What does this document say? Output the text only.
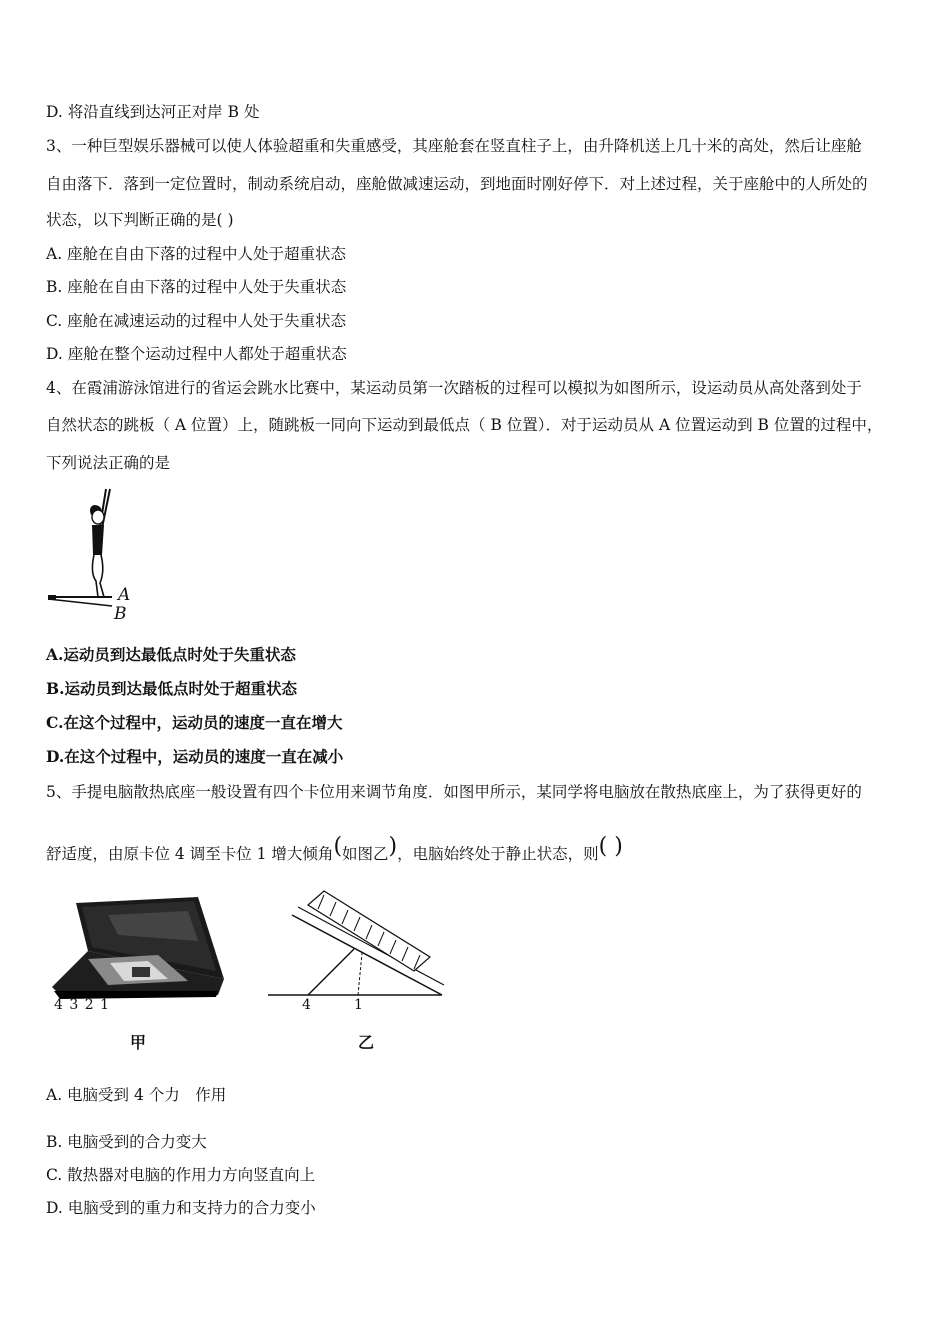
D. 将沿直线到达河正对岸 B 处
3、一种巨型娱乐器械可以使人体验超重和失重感受，其座舱套在竖直柱子上，由升降机送上几十米的高处，然后让座舱
自由落下．落到一定位置时，制动系统启动，座舱做减速运动，到地面时刚好停下．对上述过程，关于座舱中的人所处的
状态，以下判断正确的是( )
A. 座舱在自由下落的过程中人处于超重状态
B. 座舱在自由下落的过程中人处于失重状态
C. 座舱在减速运动的过程中人处于失重状态
D. 座舱在整个运动过程中人都处于超重状态
4、在霞浦游泳馆进行的省运会跳水比赛中，某运动员第一次踏板的过程可以模拟为如图所示，设运动员从高处落到处于
自然状态的跳板（ A 位置）上，随跳板一同向下运动到最低点（ B 位置）．对于运动员从 A 位置运动到 B 位置的过程中，
下列说法正确的是
A
B
A.运动员到达最低点时处于失重状态
B.运动员到达最低点时处于超重状态
C.在这个过程中，运动员的速度一直在增大
D.在这个过程中，运动员的速度一直在减小
5、手提电脑散热底座一般设置有四个卡位用来调节角度．如图甲所示，某同学将电脑放在散热底座上，为了获得更好的
舒适度，由原卡位 4 调至卡位 1 增大倾角(如图乙)，电脑始终处于静止状态，则( )
4 3 2 1
甲
4	1
乙
A. 电脑受到 4 个力　作用
B. 电脑受到的合力变大
C. 散热器对电脑的作用力方向竖直向上
D. 电脑受到的重力和支持力的合力变小
